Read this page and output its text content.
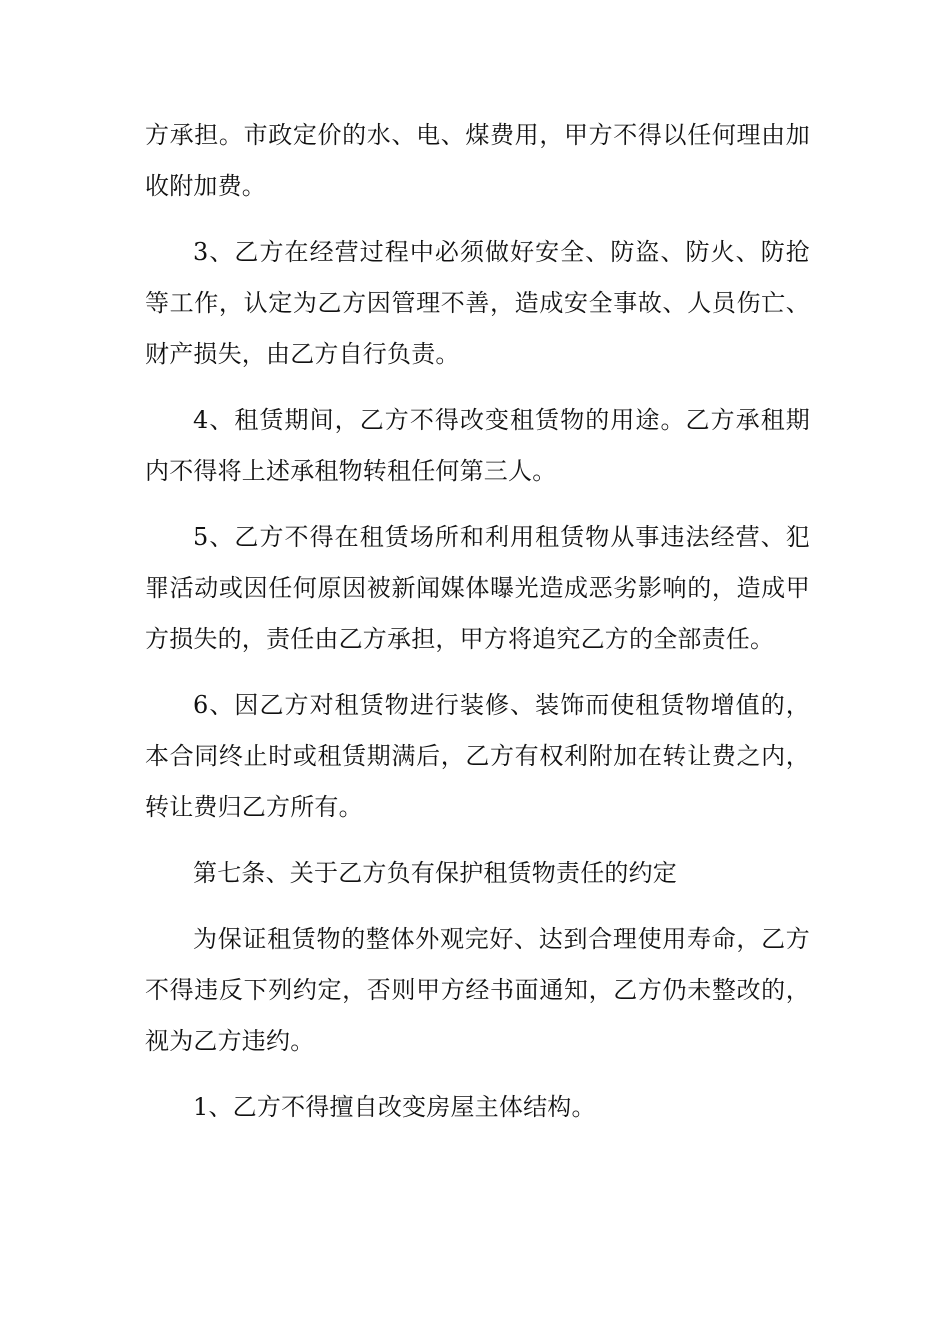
方承担。市政定价的水、电、煤费用，甲方不得以任何理由加收附加费。

3、乙方在经营过程中必须做好安全、防盗、防火、防抢等工作，认定为乙方因管理不善，造成安全事故、人员伤亡、财产损失，由乙方自行负责。

4、租赁期间，乙方不得改变租赁物的用途。乙方承租期内不得将上述承租物转租任何第三人。

5、乙方不得在租赁场所和利用租赁物从事违法经营、犯罪活动或因任何原因被新闻媒体曝光造成恶劣影响的，造成甲方损失的，责任由乙方承担，甲方将追究乙方的全部责任。

6、因乙方对租赁物进行装修、装饰而使租赁物增值的，本合同终止时或租赁期满后，乙方有权利附加在转让费之内，转让费归乙方所有。

第七条、关于乙方负有保护租赁物责任的约定

为保证租赁物的整体外观完好、达到合理使用寿命，乙方不得违反下列约定，否则甲方经书面通知，乙方仍未整改的，视为乙方违约。

1、乙方不得擅自改变房屋主体结构。
